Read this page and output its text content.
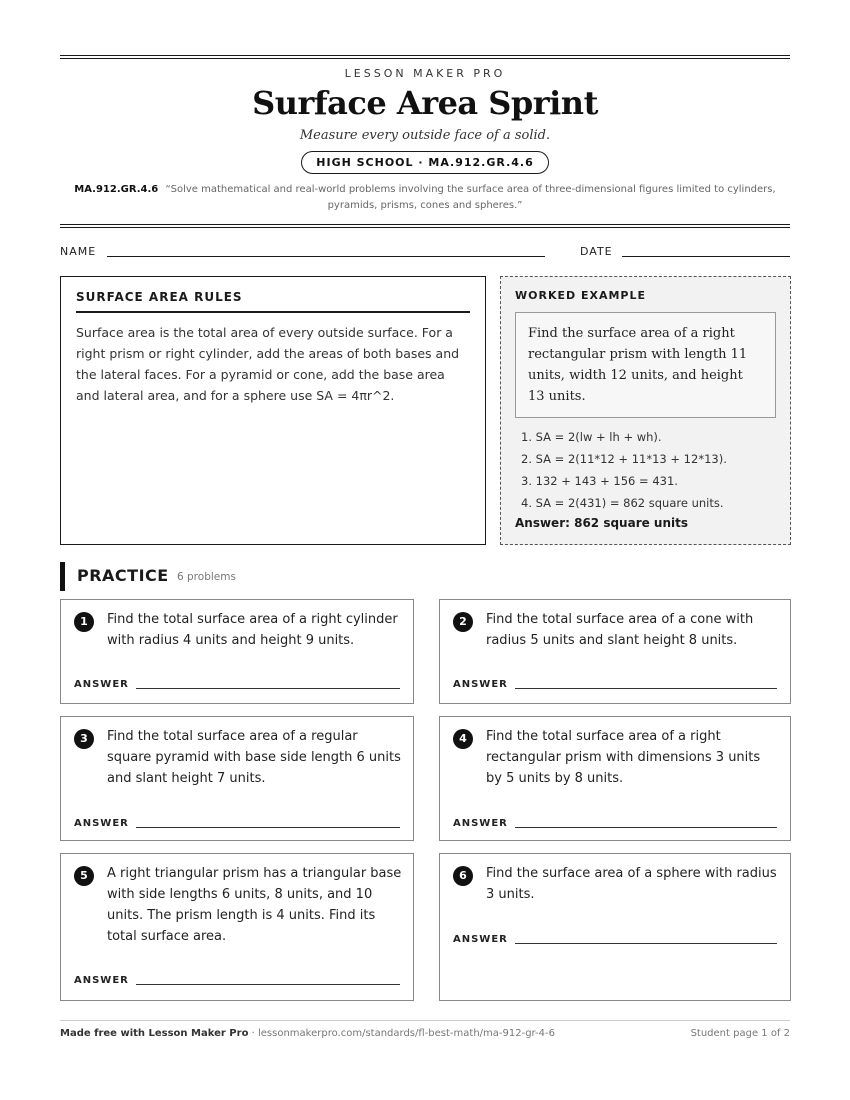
LESSON MAKER PRO
Surface Area Sprint
Measure every outside face of a solid.
HIGH SCHOOL · MA.912.GR.4.6
MA.912.GR.4.6 “Solve mathematical and real-world problems involving the surface area of three-dimensional figures limited to cylinders, pyramids, prisms, cones and spheres.”
NAME	DATE
SURFACE AREA RULES
Surface area is the total area of every outside surface. For a right prism or right cylinder, add the areas of both bases and the lateral faces. For a pyramid or cone, add the base area and lateral area, and for a sphere use SA = 4πr^2.
WORKED EXAMPLE
Find the surface area of a right rectangular prism with length 11 units, width 12 units, and height 13 units.
1. SA = 2(lw + lh + wh).
2. SA = 2(11*12 + 11*13 + 12*13).
3. 132 + 143 + 156 = 431.
4. SA = 2(431) = 862 square units.
Answer: 862 square units
PRACTICE 6 problems
1	Find the total surface area of a right cylinder with radius 4 units and height 9 units.
ANSWER
2	Find the total surface area of a cone with radius 5 units and slant height 8 units.
ANSWER
3	Find the total surface area of a regular square pyramid with base side length 6 units and slant height 7 units.
ANSWER
4	Find the total surface area of a right rectangular prism with dimensions 3 units by 5 units by 8 units.
ANSWER
5	A right triangular prism has a triangular base with side lengths 6 units, 8 units, and 10 units. The prism length is 4 units. Find its total surface area.
ANSWER
6	Find the surface area of a sphere with radius 3 units.
ANSWER
Made free with Lesson Maker Pro · lessonmakerpro.com/standards/fl-best-math/ma-912-gr-4-6	Student page 1 of 2
